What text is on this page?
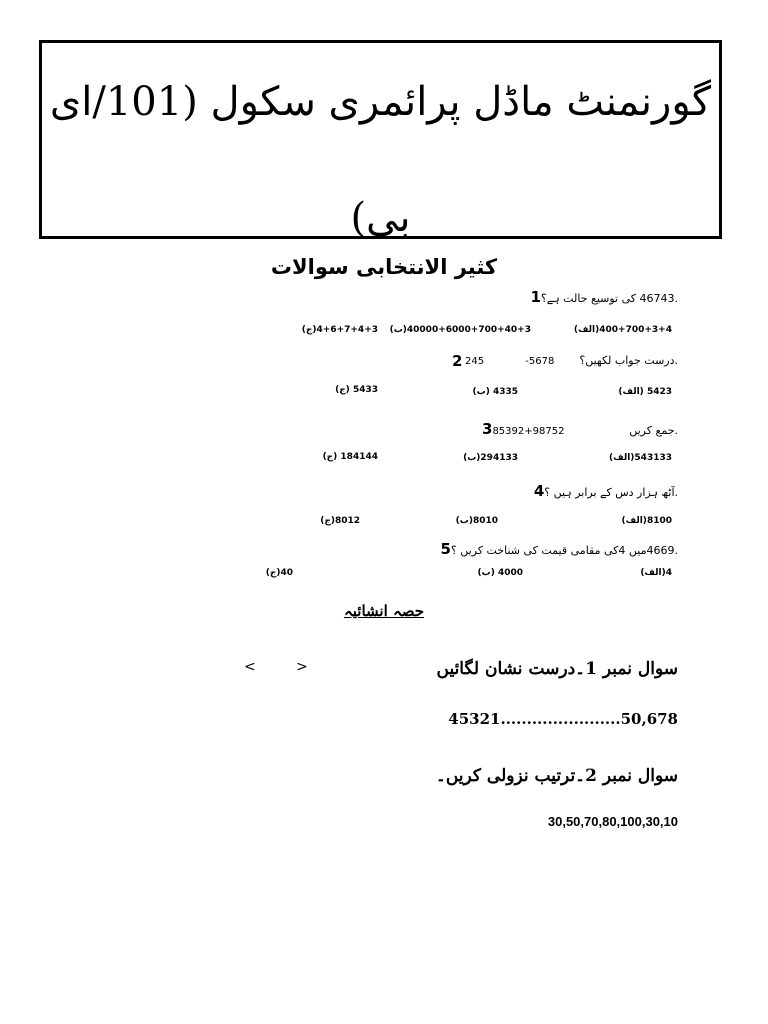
گورنمنٹ ماڈل پرائمری سکول (101/ای
بی)
کثیر الانتخابی سوالات
.46743 کی توسیع حالت ہے؟1
400+700+3+4(الف)
40000+6000+700+40+3(ب)
4+6+7+4+3(ج)
.درست جواب لکھیں؟
2 245 -5678
5423 (الف)
4335 (ب)
5433 (ج)
.جمع کریں
385392+98752
543133(الف)
294133(ب)
184144 (ج)
.آٹھ ہزار دس کے برابر ہیں ؟4
8100(الف)
8010(ب)
8012(ج)
.4669میں 4کی مقامی قیمت کی شناخت کریں ؟5
4(الف)
4000 (ب)
40(ج)
حصہ انشائیہ
سوال نمبر 1۔درست نشان لگائیں
<	>
45321.......................50,678
سوال نمبر 2۔ترتیب نزولی کریں۔
30,50,70,80,100,30,10
